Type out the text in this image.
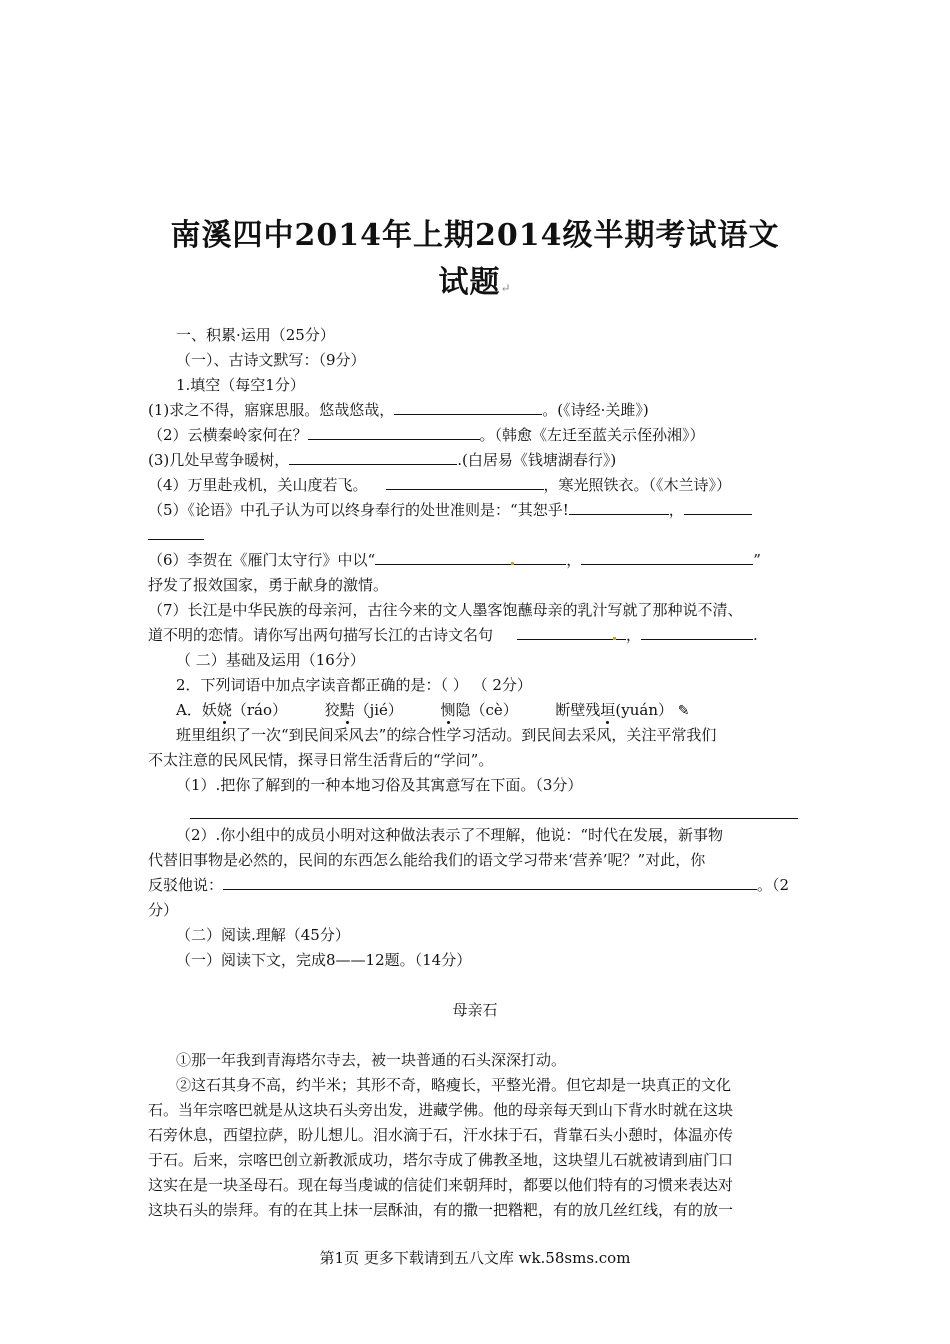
南溪四中2014年上期2014级半期考试语文
试题↵
一、积累·运用（25分）
（一）、古诗文默写：（9分）
1.填空（每空1分）
(1)求之不得，寤寐思服。悠哉悠哉，	。(《诗经·关雎》)
（2）云横秦岭家何在？	。（韩愈《左迁至蓝关示侄孙湘》）
(3)几处早莺争暖树，	.(白居易《钱塘湖春行》)
（4）万里赴戎机，关山度若飞。	，寒光照铁衣。（《木兰诗》）
（5）《论语》中孔子认为可以终身奉行的处世准则是：“其恕乎!	，
（6）李贺在《雁门太守行》中以“	，	”
抒发了报效国家，勇于献身的激情。
（7）长江是中华民族的母亲河，古往今来的文人墨客饱蘸母亲的乳汁写就了那种说不清、
道不明的恋情。请你写出两句描写长江的古诗文名句	，	.
（ 二）基础及运用（16分）
2．下列词语中加点字读音都正确的是：（ ） （ 2分）
A．妖娆（ráo）	狡黠（jié）	恻隐（cè）	断壁残垣(yuán） ✎
班里组织了一次“到民间采风去”的综合性学习活动。到民间去采风，关注平常我们
不太注意的民风民情，探寻日常生活背后的“学问”。
（1）.把你了解到的一种本地习俗及其寓意写在下面。（3分）
（2）.你小组中的成员小明对这种做法表示了不理解，他说：“时代在发展，新事物
代替旧事物是必然的，民间的东西怎么能给我们的语文学习带来‘营养’呢？”对此，你
反驳他说：	。（2
分）
（二）阅读.理解（45分）
（一）阅读下文，完成8——12题。（14分）
母亲石
①那一年我到青海塔尔寺去，被一块普通的石头深深打动。
②这石其身不高，约半米；其形不奇，略瘦长，平整光滑。但它却是一块真正的文化
石。当年宗喀巴就是从这块石头旁出发，进藏学佛。他的母亲每天到山下背水时就在这块
石旁休息，西望拉萨，盼儿想儿。泪水滴于石，汗水抹于石，背靠石头小憩时，体温亦传
于石。后来，宗喀巴创立新教派成功，塔尔寺成了佛教圣地，这块望儿石就被请到庙门口
这实在是一块圣母石。现在每当虔诚的信徒们来朝拜时，都要以他们特有的习惯来表达对
这块石头的崇拜。有的在其上抹一层酥油，有的撒一把糌粑，有的放几丝红线，有的放一
第1页 更多下载请到五八文库 wk.58sms.com
